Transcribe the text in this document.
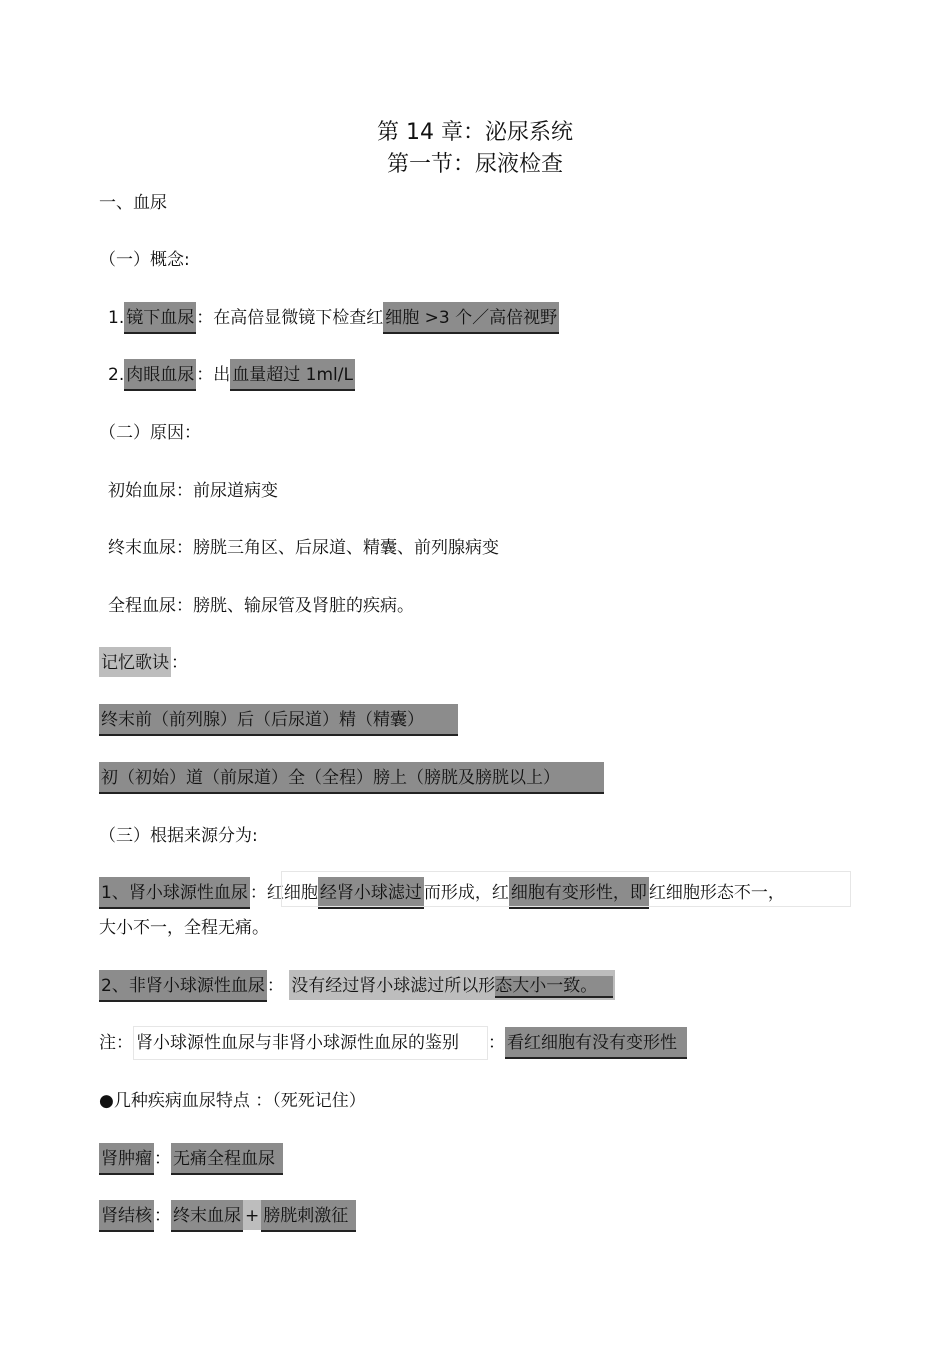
第 14 章：泌尿系统
第一节：尿液检查
一、血尿
（一）概念:
1. 镜下血尿 ：在高倍显微镜下检查红 细胞 >3 个／高倍视野
2. 肉眼血尿 ：出 血量超过 1ml/L
（二）原因：
初始血尿：前尿道病变
终末血尿：膀胱三角区、后尿道、精囊、前列腺病变
全程血尿：膀胱、输尿管及肾脏的疾病。
记忆歌诀 ：
终末前（前列腺）后（后尿道）精（精囊）
初（初始）道（前尿道）全（全程）膀上（膀胱及膀胱以上）
（三）根据来源分为:
1、肾小球源性血尿 ：红细胞 经肾小球滤过 而形成，红 细胞有变形性，即 红细胞形态不一，
大小不一，全程无痛。
2、非肾小球源性血尿 ： 没有经过肾小球滤过所以形态大小一致。
注： 肾小球源性血尿与非肾小球源性血尿的鉴别 ： 看红细胞有没有变形性
●几种疾病血尿特点 ：（死死记住）
肾肿瘤 ： 无痛全程血尿
肾结核 ： 终末血尿 + 膀胱刺激征
